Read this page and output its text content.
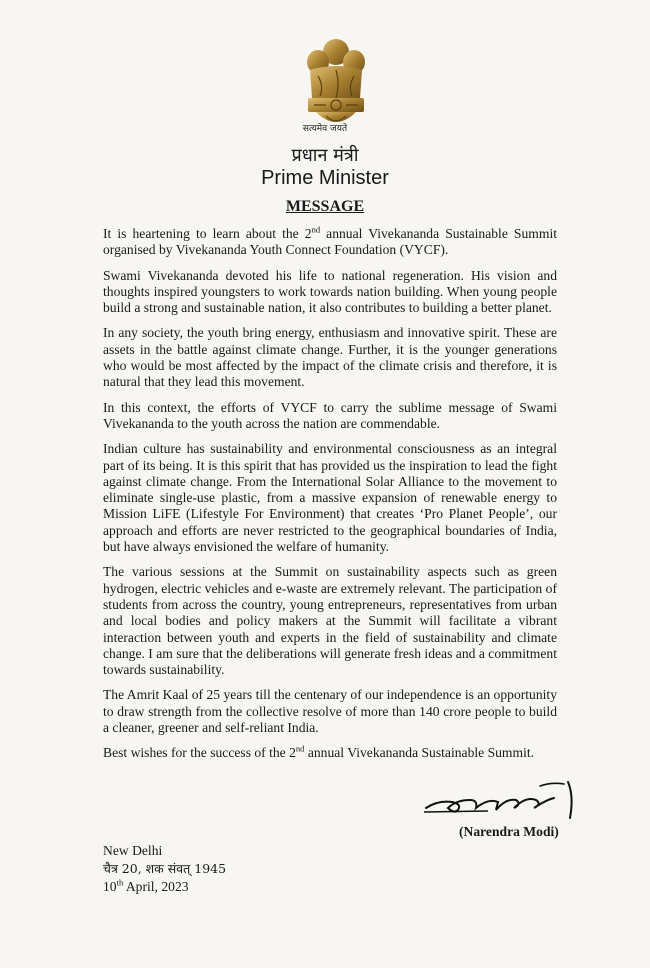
सत्यमेव जयते
प्रधान मंत्री
Prime Minister
MESSAGE

It is heartening to learn about the 2nd annual Vivekananda Sustainable Summit organised by Vivekananda Youth Connect Foundation (VYCF).

Swami Vivekananda devoted his life to national regeneration. His vision and thoughts inspired youngsters to work towards nation building. When young people build a strong and sustainable nation, it also contributes to building a better planet.

In any society, the youth bring energy, enthusiasm and innovative spirit. These are assets in the battle against climate change. Further, it is the younger generations who would be most affected by the impact of the climate crisis and therefore, it is natural that they lead this movement.

In this context, the efforts of VYCF to carry the sublime message of Swami Vivekananda to the youth across the nation are commendable.

Indian culture has sustainability and environmental consciousness as an integral part of its being. It is this spirit that has provided us the inspiration to lead the fight against climate change. From the International Solar Alliance to the movement to eliminate single-use plastic, from a massive expansion of renewable energy to Mission LiFE (Lifestyle For Environment) that creates ‘Pro Planet People’, our approach and efforts are never restricted to the geographical boundaries of India, but have always envisioned the welfare of humanity.

The various sessions at the Summit on sustainability aspects such as green hydrogen, electric vehicles and e-waste are extremely relevant. The participation of students from across the country, young entrepreneurs, representatives from urban and local bodies and policy makers at the Summit will facilitate a vibrant interaction between youth and experts in the field of sustainability and climate change. I am sure that the deliberations will generate fresh ideas and a commitment towards sustainability.

The Amrit Kaal of 25 years till the centenary of our independence is an opportunity to draw strength from the collective resolve of more than 140 crore people to build a cleaner, greener and self-reliant India.

Best wishes for the success of the 2nd annual Vivekananda Sustainable Summit.

(Narendra Modi)
New Delhi
चैत्र 20, शक संवत् 1945
10th April, 2023
